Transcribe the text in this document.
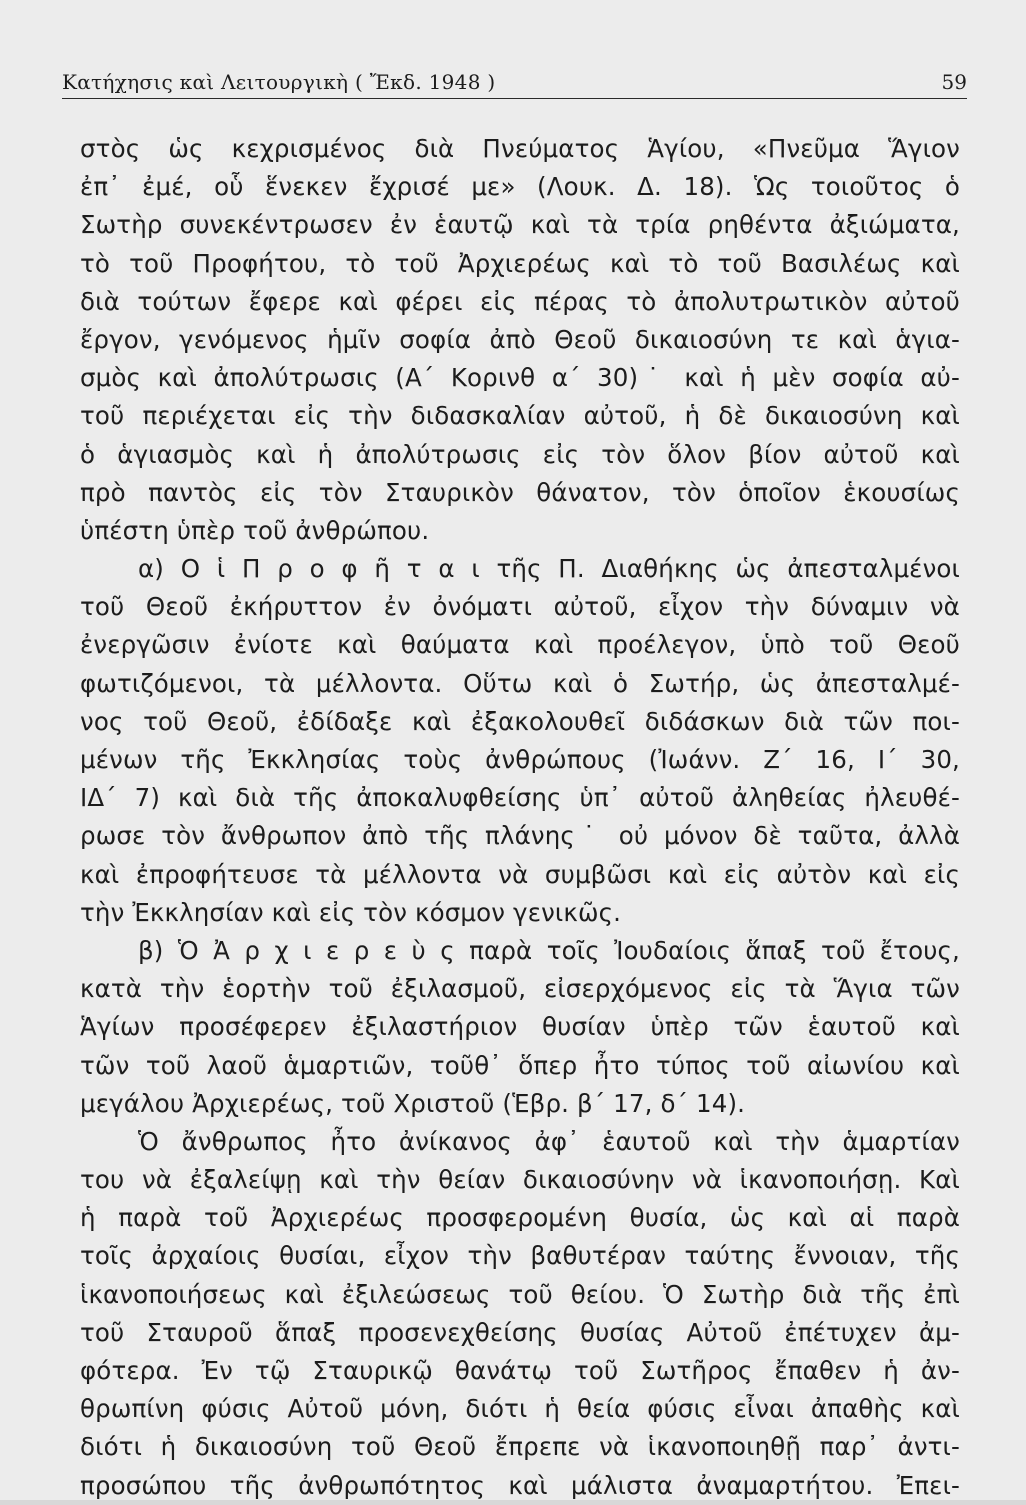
Κατήχησις καὶ Λειτουργικὴ ( Ἔκδ. 1948 )	59
στὸς ὡς κεχρισμένος διὰ Πνεύματος Ἁγίου, «Πνεῦμα Ἅγιον
ἐπ᾽ ἐμέ, οὗ ἕνεκεν ἔχρισέ με» (Λουκ. Δ. 18). Ὡς τοιοῦτος ὁ
Σωτὴρ συνεκέντρωσεν ἐν ἑαυτῷ καὶ τὰ τρία ρηθέντα ἀξιώματα,
τὸ τοῦ Προφήτου, τὸ τοῦ Ἀρχιερέως καὶ τὸ τοῦ Βασιλέως καὶ
διὰ τούτων ἔφερε καὶ φέρει εἰς πέρας τὸ ἀπολυτρωτικὸν αὐτοῦ
ἔργον, γενόμενος ἡμῖν σοφία ἀπὸ Θεοῦ δικαιοσύνη τε καὶ ἁγια-
σμὸς καὶ ἀπολύτρωσις (Α΄ Κορινθ α΄ 30)˙ καὶ ἡ μὲν σοφία αὐ-
τοῦ περιέχεται εἰς τὴν διδασκαλίαν αὐτοῦ, ἡ δὲ δικαιοσύνη καὶ
ὁ ἁγιασμὸς καὶ ἡ ἀπολύτρωσις εἰς τὸν ὅλον βίον αὐτοῦ καὶ
πρὸ παντὸς εἰς τὸν Σταυρικὸν θάνατον, τὸν ὁποῖον ἑκουσίως
ὑπέστη ὑπὲρ τοῦ ἀνθρώπου.
α) Ο ἱ Π ρ ο φ ῆ τ α ι τῆς Π. Διαθήκης ὡς ἀπεσταλμένοι
τοῦ Θεοῦ ἐκήρυττον ἐν ὀνόματι αὐτοῦ, εἶχον τὴν δύναμιν νὰ
ἐνεργῶσιν ἐνίοτε καὶ θαύματα καὶ προέλεγον, ὑπὸ τοῦ Θεοῦ
φωτιζόμενοι, τὰ μέλλοντα. Οὕτω καὶ ὁ Σωτήρ, ὡς ἀπεσταλμέ-
νος τοῦ Θεοῦ, ἐδίδαξε καὶ ἐξακολουθεῖ διδάσκων διὰ τῶν ποι-
μένων τῆς Ἐκκλησίας τοὺς ἀνθρώπους (Ἰωάνν. Ζ΄ 16, Ι΄ 30,
ΙΔ΄ 7) καὶ διὰ τῆς ἀποκαλυφθείσης ὑπ᾽ αὐτοῦ ἀληθείας ἠλευθέ-
ρωσε τὸν ἄνθρωπον ἀπὸ τῆς πλάνης˙ οὐ μόνον δὲ ταῦτα, ἀλλὰ
καὶ ἐπροφήτευσε τὰ μέλλοντα νὰ συμβῶσι καὶ εἰς αὐτὸν καὶ εἰς
τὴν Ἐκκλησίαν καὶ εἰς τὸν κόσμον γενικῶς.
β) Ὁ Ἀ ρ χ ι ε ρ ε ὺ ς παρὰ τοῖς Ἰουδαίοις ἅπαξ τοῦ ἔτους,
κατὰ τὴν ἑορτὴν τοῦ ἐξιλασμοῦ, εἰσερχόμενος εἰς τὰ Ἅγια τῶν
Ἁγίων προσέφερεν ἐξιλαστήριον θυσίαν ὑπὲρ τῶν ἑαυτοῦ καὶ
τῶν τοῦ λαοῦ ἁμαρτιῶν, τοῦθ᾽ ὅπερ ἦτο τύπος τοῦ αἰωνίου καὶ
μεγάλου Ἀρχιερέως, τοῦ Χριστοῦ (Ἑβρ. β΄ 17, δ΄ 14).
Ὁ ἄνθρωπος ἦτο ἀνίκανος ἀφ᾽ ἑαυτοῦ καὶ τὴν ἁμαρτίαν
του νὰ ἐξαλείψῃ καὶ τὴν θείαν δικαιοσύνην νὰ ἱκανοποιήσῃ. Καὶ
ἡ παρὰ τοῦ Ἀρχιερέως προσφερομένη θυσία, ὡς καὶ αἱ παρὰ
τοῖς ἀρχαίοις θυσίαι, εἶχον τὴν βαθυτέραν ταύτης ἔννοιαν, τῆς
ἱκανοποιήσεως καὶ ἐξιλεώσεως τοῦ θείου. Ὁ Σωτὴρ διὰ τῆς ἐπὶ
τοῦ Σταυροῦ ἅπαξ προσενεχθείσης θυσίας Αὐτοῦ ἐπέτυχεν ἀμ-
φότερα. Ἐν τῷ Σταυρικῷ θανάτῳ τοῦ Σωτῆρος ἔπαθεν ἡ ἀν-
θρωπίνη φύσις Αὐτοῦ μόνη, διότι ἡ θεία φύσις εἶναι ἀπαθὴς καὶ
διότι ἡ δικαιοσύνη τοῦ Θεοῦ ἔπρεπε νὰ ἱκανοποιηθῇ παρ᾽ ἀντι-
προσώπου τῆς ἀνθρωπότητος καὶ μάλιστα ἀναμαρτήτου. Ἐπει-
